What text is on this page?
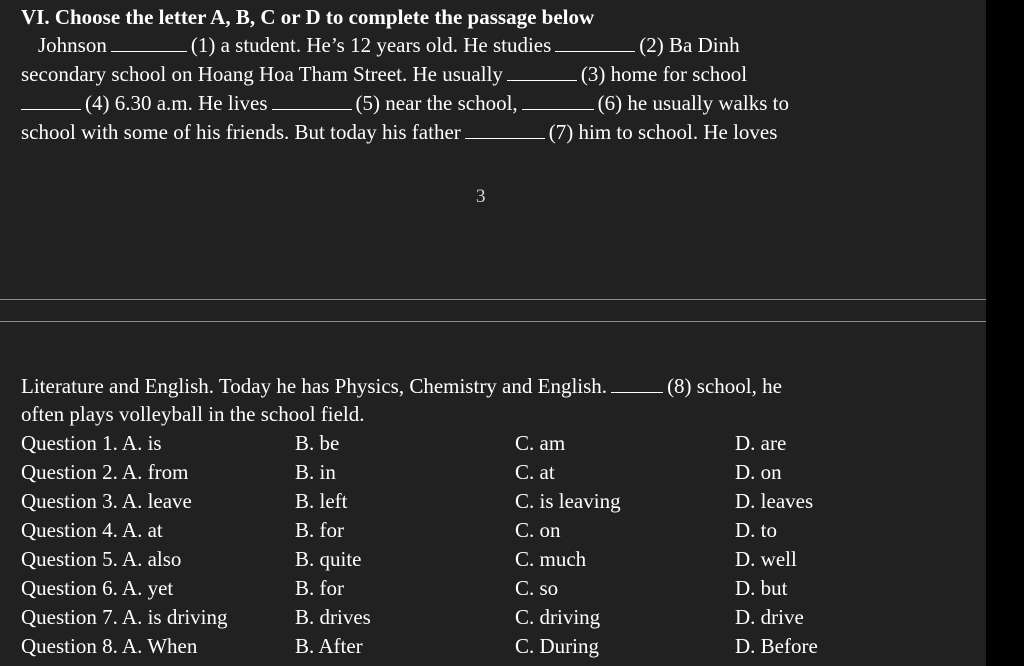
VI. Choose the letter A, B, C or D to complete the passage below
Johnson	(1) a student. He’s 12 years old. He studies	(2) Ba Dinh
secondary school on Hoang Hoa Tham Street. He usually	(3) home for school
(4) 6.30 a.m. He lives	(5) near the school,	(6) he usually walks to
school with some of his friends. But today his father	(7) him to school. He loves
3
Literature and English. Today he has Physics, Chemistry and English.	(8) school, he
often plays volleyball in the school field.
Question 1. A. is	B. be	C. am	D. are
Question 2. A. from	B. in	C. at	D. on
Question 3. A. leave	B. left	C. is leaving	D. leaves
Question 4. A. at	B. for	C. on	D. to
Question 5. A. also	B. quite	C. much	D. well
Question 6. A. yet	B. for	C. so	D. but
Question 7. A. is driving	B. drives	C. driving	D. drive
Question 8. A. When	B. After	C. During	D. Before
